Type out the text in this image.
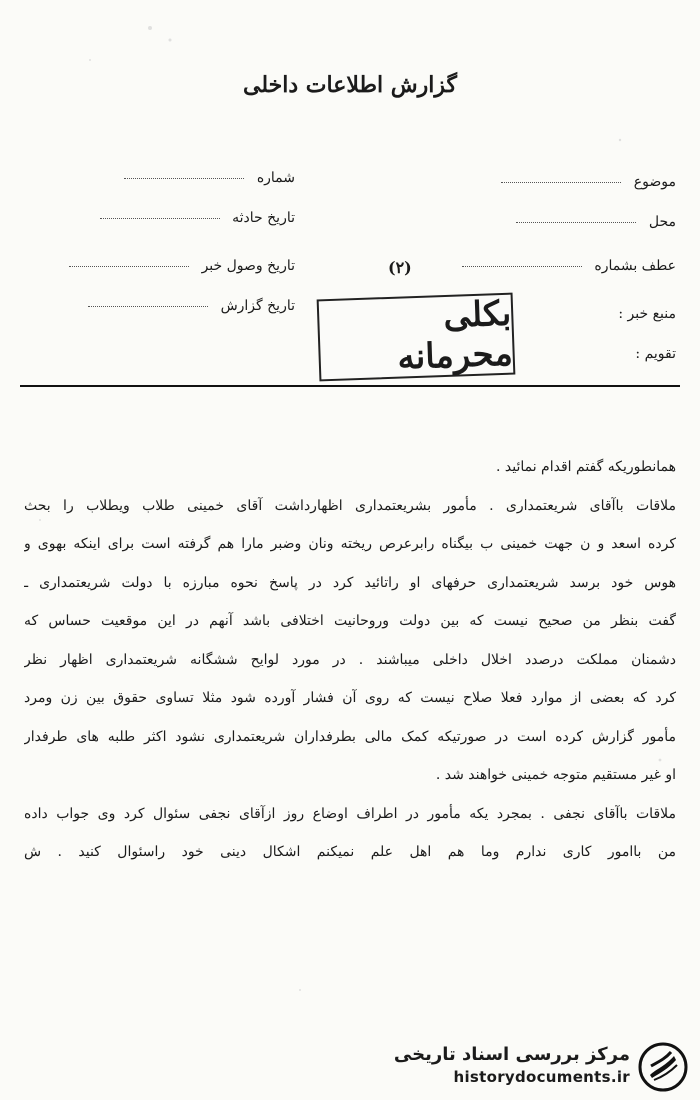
گزارش اطلاعات داخلی
موضوع
محل
عطف بشماره
منبع خبر :
تقویم :
شماره
تاریخ حادثه
تاریخ وصول خبر
تاریخ گزارش
(۲)
بکلی محرمانه
همانطوریکه گفتم اقدام نمائید .
ملاقات باآقای شریعتمداری . مأمور بشریعتمداری اظهارداشت آقای خمینی طلاب ویطلاب را بحث
کرده اسعد و ن جهت خمینی ب بیگناه رابرعرص ریخته ونان وضبر مارا هم گرفته است برای اینکه بهوی و
هوس خود برسد شریعتمداری حرفهای او راتائید کرد در پاسخ نحوه مبارزه با دولت شریعتمداری ـ
گفت بنظر من صحیح نیست که بین دولت وروحانیت اختلافی باشد آنهم در این موقعیت حساس که
دشمنان مملکت درصدد اخلال داخلی میباشند . در مورد لوایح ششگانه شریعتمداری اظهار نظر
کرد که بعضی از موارد فعلا صلاح نیست که روی آن فشار آورده شود مثلا تساوی حقوق بین زن ومرد
مأمور گزارش کرده است در صورتیکه کمک مالی بطرفداران شریعتمداری نشود اکثر طلبه های طرفدار
او غیر مستقیم متوجه خمینی خواهند شد .
ملاقات باآقای نجفی . بمجرد یکه مأمور در اطراف اوضاع روز ازآقای نجفی سئوال کرد وی جواب داده
من باامور کاری ندارم وما هم اهل علم نمیکنم اشکال دینی خود راسئوال کنید . ش
مرکز بررسی اسناد تاریخی
historydocuments.ir
